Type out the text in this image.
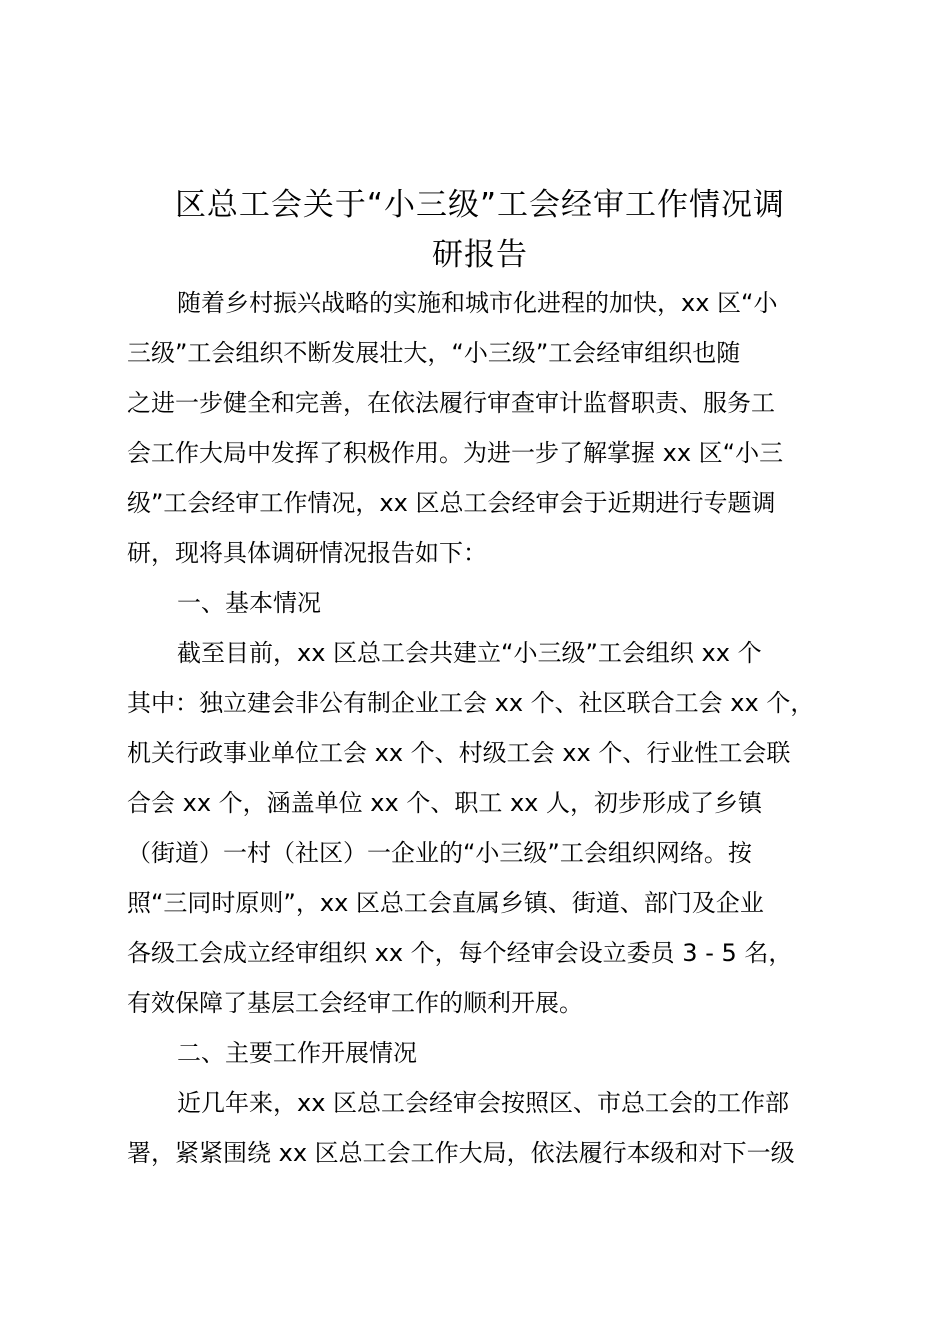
区总工会关于“小三级”工会经审工作情况调
研报告
随着乡村振兴战略的实施和城市化进程的加快，xx 区“小
三级”工会组织不断发展壮大，“小三级”工会经审组织也随
之进一步健全和完善，在依法履行审查审计监督职责、服务工
会工作大局中发挥了积极作用。为进一步了解掌握 xx 区“小三
级”工会经审工作情况，xx 区总工会经审会于近期进行专题调
研，现将具体调研情况报告如下：
一、基本情况
截至目前，xx 区总工会共建立“小三级”工会组织 xx 个
其中：独立建会非公有制企业工会 xx 个、社区联合工会 xx 个，
机关行政事业单位工会 xx 个、村级工会 xx 个、行业性工会联
合会 xx 个，涵盖单位 xx 个、职工 xx 人，初步形成了乡镇
（街道）一村（社区）一企业的“小三级”工会组织网络。按
照“三同时原则”，xx 区总工会直属乡镇、街道、部门及企业
各级工会成立经审组织 xx 个，每个经审会设立委员 3 - 5 名，
有效保障了基层工会经审工作的顺利开展。
二、主要工作开展情况
近几年来，xx 区总工会经审会按照区、市总工会的工作部
署，紧紧围绕 xx 区总工会工作大局，依法履行本级和对下一级
